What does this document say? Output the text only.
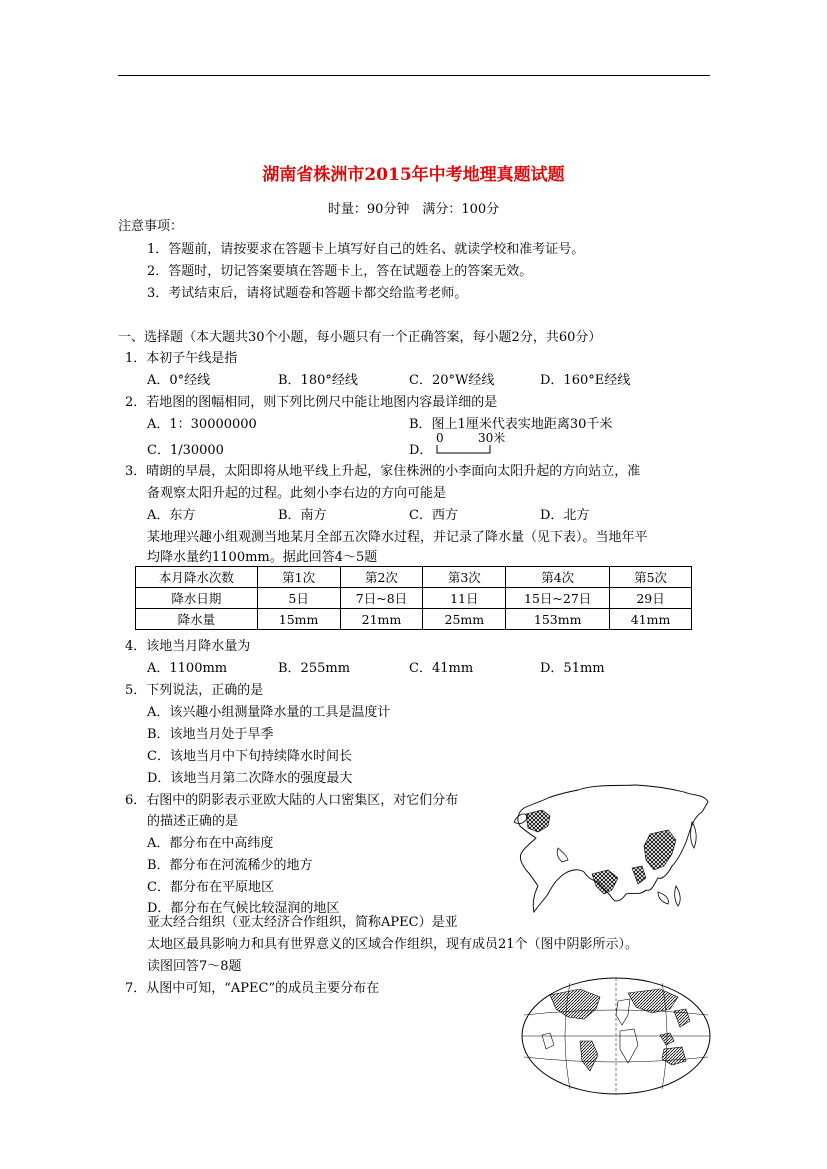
湖南省株洲市2015年中考地理真题试题
时量：90分钟　满分：100分
注意事项：
1．答题前，请按要求在答题卡上填写好自己的姓名、就读学校和准考证号。
2．答题时，切记答案要填在答题卡上，答在试题卷上的答案无效。
3．考试结束后，请将试题卷和答题卡都交给监考老师。
一、选择题（本大题共30个小题，每小题只有一个正确答案，每小题2分，共60分）
1．本初子午线是指
A．0°经线	B．180°经线	C．20°W经线	D．160°E经线
2．若地图的图幅相同，则下列比例尺中能让地图内容最详细的是
A．1：30000000	B．图上1厘米代表实地距离30千米
C．1/30000	D．
0	30米
3．晴朗的早晨，太阳即将从地平线上升起，家住株洲的小李面向太阳升起的方向站立，准
备观察太阳升起的过程。此刻小李右边的方向可能是
A．东方	B．南方	C．西方	D．北方
某地理兴趣小组观测当地某月全部五次降水过程，并记录了降水量（见下表）。当地年平
均降水量约1100mm。据此回答4～5题
本月降水次数	第1次	第2次	第3次	第4次	第5次
降水日期	5日	7日~8日	11日	15日~27日	29日
降水量	15mm	21mm	25mm	153mm	41mm
4．该地当月降水量为
A．1100mm	B．255mm	C．41mm	D．51mm
5．下列说法，正确的是
A．该兴趣小组测量降水量的工具是温度计
B．该地当月处于旱季
C．该地当月中下旬持续降水时间长
D．该地当月第二次降水的强度最大
6．右图中的阴影表示亚欧大陆的人口密集区，对它们分布
的描述正确的是
A．都分布在中高纬度
B．都分布在河流稀少的地方
C．都分布在平原地区
D．都分布在气候比较湿润的地区
亚太经合组织（亚太经济合作组织，简称APEC）是亚
太地区最具影响力和具有世界意义的区域合作组织，现有成员21个（图中阴影所示）。
读图回答7～8题
7．从图中可知，“APEC”的成员主要分布在
